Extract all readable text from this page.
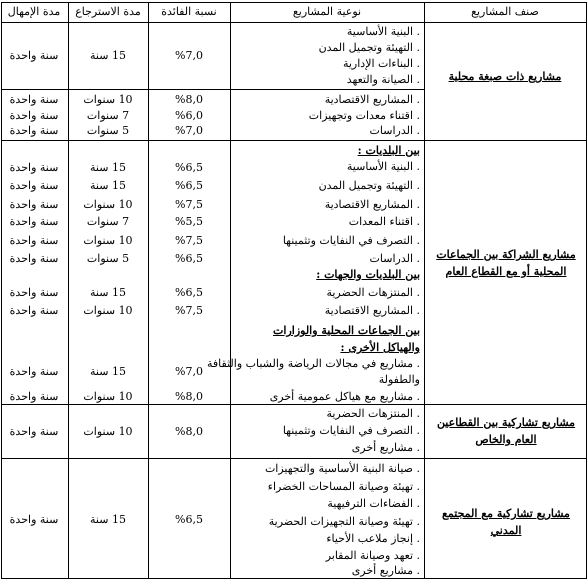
صنف المشاريع
نوعية المشاريع
نسبة الفائدة
مدة الاسترجاع
مدة الإمهال
مشاريع ذات صبغة محلية
. البنية الأساسية
. التهيئة وتجميل المدن
. البناءات الإدارية
. الصيانة والتعهد
. المشاريع الاقتصادية
. اقتناء معدات وتجهيزات
. الدراسات
%7,0
15 سنة
سنة واحدة
%8,0
10 سنوات
سنة واحدة
%6,0
7 سنوات
سنة واحدة
%7,0
5 سنوات
سنة واحدة
مشاريع الشراكة بين الجماعات المحلية أو مع القطاع العام
بين البلديات :
. البنية الأساسية
. التهيئة وتجميل المدن
. المشاريع الاقتصادية
. اقتناء المعدات
. التصرف في النفايات وتثمينها
. الدراسات
بين البلديات والجهات :
. المنتزهات الحضرية
. المشاريع الاقتصادية
بين الجماعات المحلية والوزارات والهياكل الأخرى :
. مشاريع في مجالات الرياضة والشباب والثقافة
والطفولة
. مشاريع مع هياكل عمومية أخرى
%6,5
15 سنة
سنة واحدة
%6,5
15 سنة
سنة واحدة
%7,5
10 سنوات
سنة واحدة
%5,5
7 سنوات
سنة واحدة
%7,5
10 سنوات
سنة واحدة
%6,5
5 سنوات
سنة واحدة
%6,5
15 سنة
سنة واحدة
%7,5
10 سنوات
سنة واحدة
%7,0
15 سنة
سنة واحدة
%8,0
10 سنوات
سنة واحدة
مشاريع تشاركية بين القطاعين العام والخاص
. المنتزهات الحضرية
. التصرف في النفايات وتثمينها
. مشاريع أخرى
%8,0
10 سنوات
سنة واحدة
مشاريع تشاركية مع المجتمع المدني
. صيانة البنية الأساسية والتجهيزات
. تهيئة وصيانة المساحات الخضراء
. الفضاءات الترفيهية
. تهيئة وصيانة التجهيزات الحضرية
. إنجاز ملاعب الأحياء
. تعهد وصيانة المقابر
. مشاريع أخرى
%6,5
15 سنة
سنة واحدة
